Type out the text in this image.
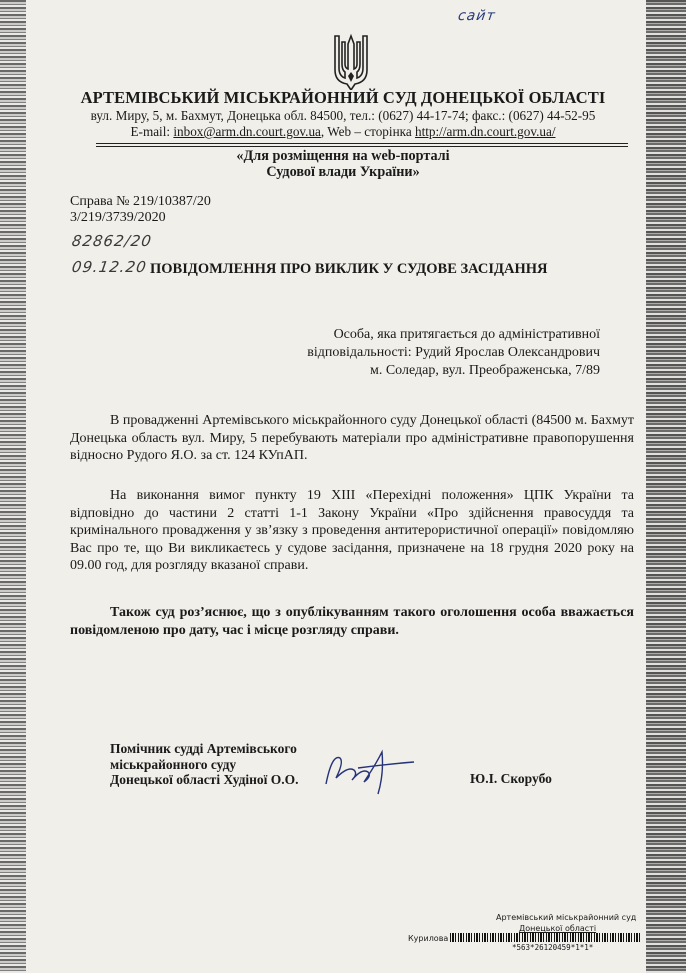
сайт
АРТЕМІВСЬКИЙ МІСЬКРАЙОННИЙ СУД ДОНЕЦЬКОЇ ОБЛАСТІ
вул. Миру, 5, м. Бахмут, Донецька обл. 84500, тел.: (0627) 44-17-74; факс.: (0627) 44-52-95
E-mail: inbox@arm.dn.court.gov.ua, Web – сторінка http://arm.dn.court.gov.ua/
«Для розміщення на web-порталі
Судової влади України»
Справа № 219/10387/20
3/219/3739/2020
82862/20
09.12.20 ПОВІДОМЛЕННЯ ПРО ВИКЛИК У СУДОВЕ ЗАСІДАННЯ
Особа, яка притягається до адміністративної
відповідальності: Рудий Ярослав Олександрович
м. Соледар, вул. Преображенська, 7/89

В провадженні Артемівського міськрайонного суду Донецької області (84500 м. Бахмут Донецька область вул. Миру, 5 перебувають матеріали про адміністративне правопорушення відносно Рудого Я.О. за ст. 124 КУпАП.

На виконання вимог пункту 19 ХІІІ «Перехідні положення» ЦПК України та відповідно до частини 2 статті 1-1 Закону України «Про здійснення правосуддя та кримінального провадження у зв’язку з проведення антитерористичної операції» повідомляю Вас про те, що Ви викликаєтесь у судове засідання, призначене на 18 грудня 2020 року на 09.00 год, для розгляду вказаної справи.

Також суд роз’яснює, що з опублікуванням такого оголошення особа вважається повідомленою про дату, час і місце розгляду справи.

Помічник судді Артемівського
міськрайонного суду
Донецької області Худіної О.О.	Ю.І. Скорубо
Артемівський міськрайонний суд
Донецької області
Курилова
*563*26120459*1*1*
